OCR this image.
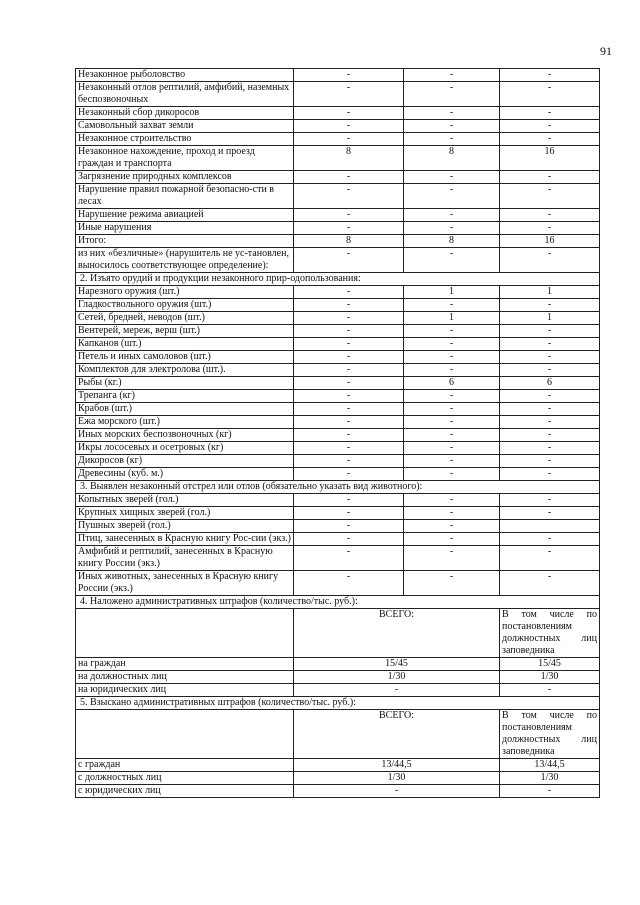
91
Незаконное рыболовство	-	-	-
Незаконный отлов рептилий, амфибий, наземных беспозвоночных	-	-	-
Незаконный сбор дикоросов	-	-	-
Самовольный захват земли	-	-	-
Незаконное строительство	-	-	-
Незаконное нахождение, проход и проезд граждан и транспорта	8	8	16
Загрязнение природных комплексов	-	-	-
Нарушение правил пожарной безопасно-сти в лесах	-	-	-
Нарушение режима авиацией	-	-	-
Иные нарушения	-	-	-
Итого:	8	8	16
из них «безличные» (нарушитель не ус-тановлен, выносилось соответствующее определение):	-	-	-
2. Изъято орудий и продукции незаконного прир-одопользования:			
Нарезного оружия (шт.)	-	1	1
Гладкоствольного оружия (шт.)	-	-	-
Сетей, бредней, неводов (шт.)	-	1	1
Вентерей, мереж, верш (шт.)	-	-	-
Капканов (шт.)	-	-	-
Петель и иных самоловов (шт.)	-	-	-
Комплектов для электролова (шт.).	-	-	-
Рыбы (кг.)	-	6	6
Трепанга (кг)	-	-	-
Крабов (шт.)	-	-	-
Ежа морского (шт.)	-	-	-
Иных морских беспозвоночных (кг)	-	-	-
Икры лососевых и осетровых (кг)	-	-	-
Дикоросов (кг)	-	-	-
Древесины (куб. м.)	-	-	-
3. Выявлен незаконный отстрел или отлов (обязательно указать вид животного):			
Копытных зверей (гол.)	-	-	-
Крупных хищных зверей (гол.)	-	-	-
Пушных зверей (гол.)	-	-	
Птиц, занесенных в Красную книгу Рос-сии (экз.)	-	-	-
Амфибий и рептилий, занесенных в Красную книгу России (экз.)	-	-	-
Иных животных, занесенных в Красную книгу России (экз.)	-	-	-
4. Наложено административных штрафов (количество/тыс. руб.):			
	ВСЕГО:		В том числе по постановлениям должностных лиц заповедника
на граждан	15/45		15/45
на должностных лиц	1/30		1/30
на юридических лиц	-		-
5. Взыскано административных штрафов (количество/тыс. руб.):			
	ВСЕГО:		В том числе по постановлениям должностных лиц заповедника
с граждан	13/44,5		13/44,5
с должностных лиц	1/30		1/30
с юридических лиц	-		-
